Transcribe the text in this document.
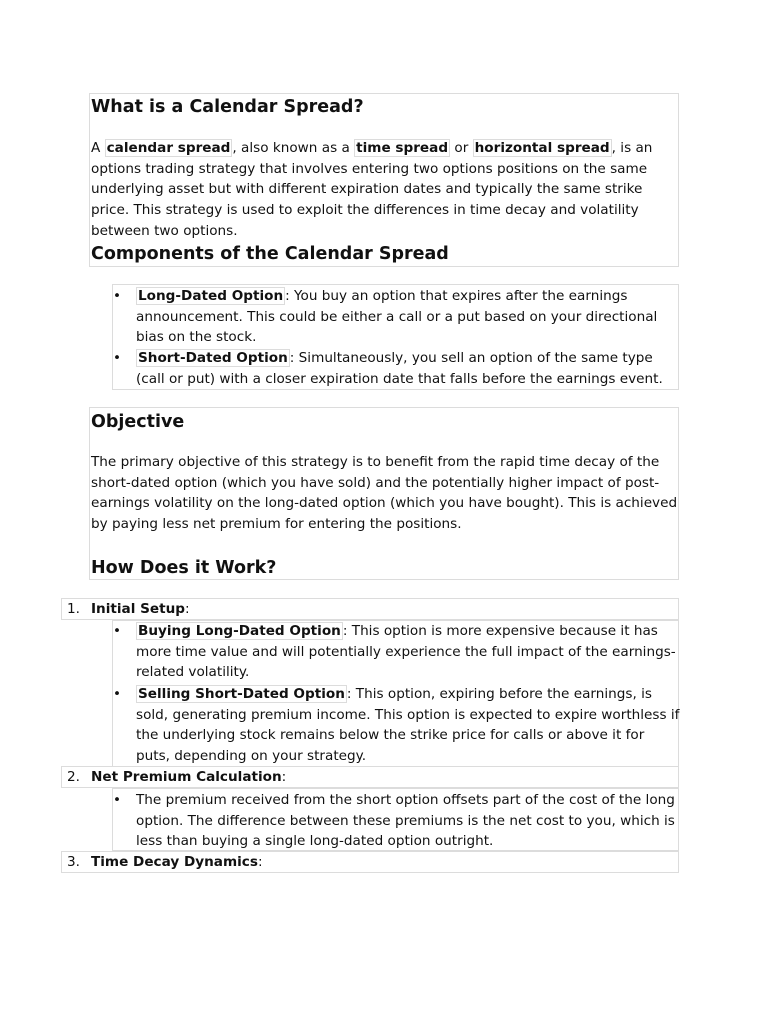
What is a Calendar Spread?

A calendar spread , also known as a time spread or horizontal spread , is an options trading strategy that involves entering two options positions on the same underlying asset but with different expiration dates and typically the same strike price. This strategy is used to exploit the differences in time decay and volatility between two options.

Components of the Calendar Spread
• Long-Dated Option : You buy an option that expires after the earnings announcement. This could be either a call or a put based on your directional bias on the stock.

• Short-Dated Option : Simultaneously, you sell an option of the same type (call or put) with a closer expiration date that falls before the earnings event.

Objective

The primary objective of this strategy is to benefit from the rapid time decay of the short-dated option (which you have sold) and the potentially higher impact of post-earnings volatility on the long-dated option (which you have bought). This is achieved by paying less net premium for entering the positions.

How Does it Work?
1. Initial Setup:
• Buying Long-Dated Option : This option is more expensive because it has more time value and will potentially experience the full impact of the earnings-related volatility.

• Selling Short-Dated Option : This option, expiring before the earnings, is sold, generating premium income. This option is expected to expire worthless if the underlying stock remains below the strike price for calls or above it for puts, depending on your strategy.

2. Net Premium Calculation:
• The premium received from the short option offsets part of the cost of the long option. The difference between these premiums is the net cost to you, which is less than buying a single long-dated option outright.

3. Time Decay Dynamics:
